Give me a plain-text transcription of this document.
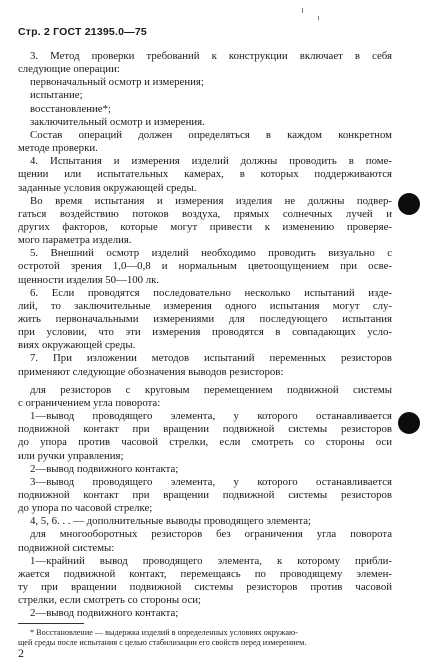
Стр. 2 ГОСТ 21395.0—75
3. Метод проверки требований к конструкции включает в себя
следующие операции:
первоначальный осмотр и измерения;
испытание;
восстановление*;
заключительный осмотр и измерения.
Состав операций должен определяться в каждом конкретном
методе проверки.
4. Испытания и измерения изделий должны проводить в поме-
щении или испытательных камерах, в которых поддерживаются
заданные условия окружающей среды.
Во время испытания и измерения изделия не должны подвер-
гаться воздействию потоков воздуха, прямых солнечных лучей и
других факторов, которые могут привести к изменению проверяе-
мого параметра изделия.
5. Внешний осмотр изделий необходимо проводить визуально с
остротой зрения 1,0—0,8 и нормальным цветоощущением при осве-
щенности изделия 50—100 лк.
6. Если проводятся последовательно несколько испытаний изде-
лий, то заключительные измерения одного испытания могут слу-
жить первоначальными измерениями для последующего испытания
при условии, что эти измерения проводятся в совпадающих усло-
виях окружающей среды.
7. При изложении методов испытаний переменных резисторов
применяют следующие обозначения выводов резисторов:
для резисторов с круговым перемещением подвижной системы
с ограничением угла поворота:
1—вывод проводящего элемента, у которого останавливается
подвижной контакт при вращении подвижной системы резисторов
до упора против часовой стрелки, если смотреть со стороны оси
или ручки управления;
2—вывод подвижного контакта;
3—вывод проводящего элемента, у которого останавливается
подвижной контакт при вращении подвижной системы резисторов
до упора по часовой стрелке;
4, 5, 6. . . — дополнительные выводы проводящего элемента;
для многооборотных резисторов без ограничения угла поворота
подвижной системы:
1—крайний вывод проводящего элемента, к которому прибли-
жается подвижной контакт, перемещаясь по проводящему элемен-
ту при вращении подвижной системы резисторов против часовой
стрелки, если смотреть со стороны оси;
2—вывод подвижного контакта;
* Восстановление — выдержка изделий в определенных условиях окружаю-
щей среды после испытания с целью стабилизации его свойств перед измерением.
2
